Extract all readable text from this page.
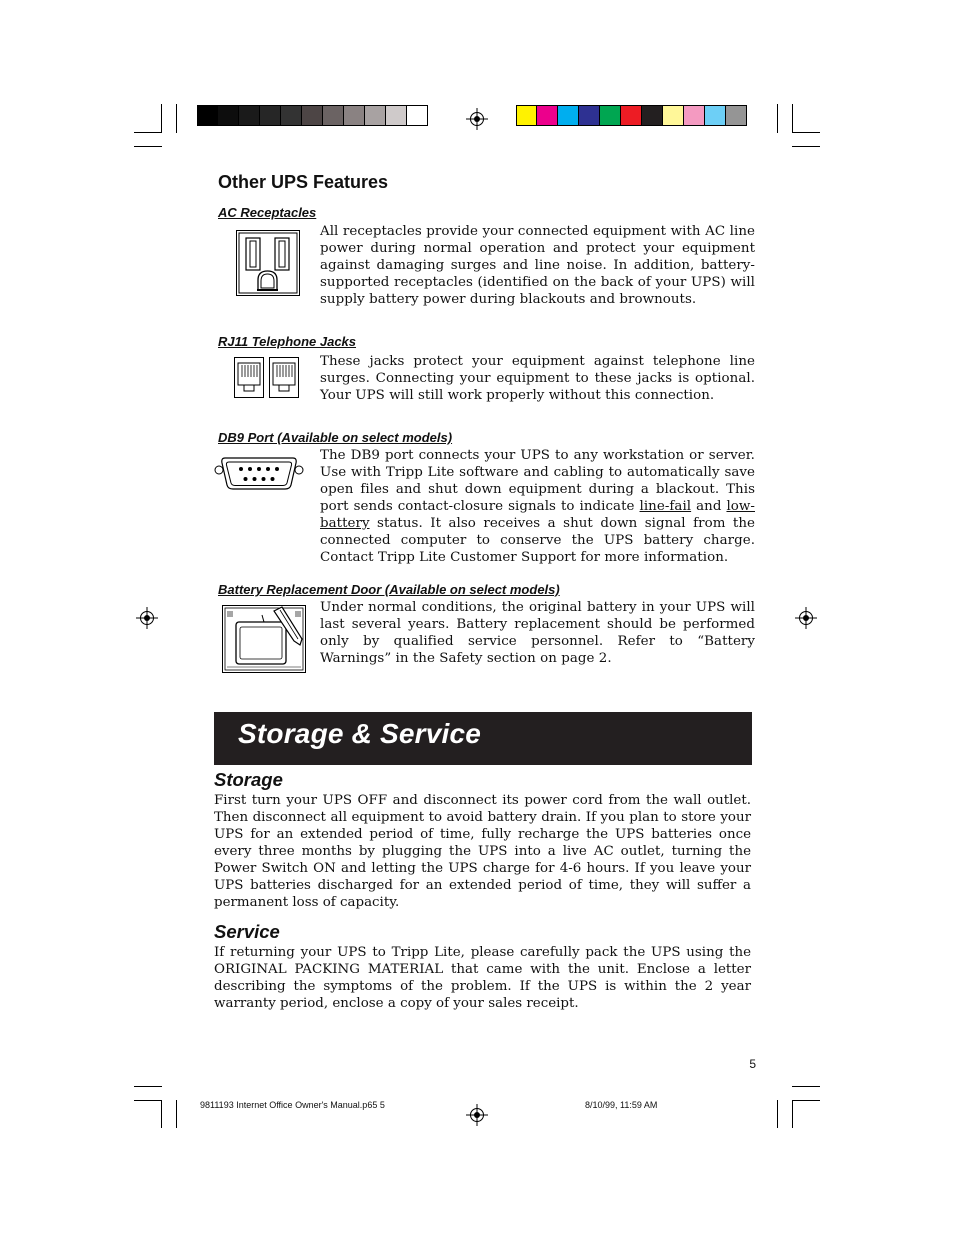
Other UPS Features

AC Receptacles

All receptacles provide your connected equipment with AC line power during normal operation and protect your equipment against damaging surges and line noise. In addition, battery-supported receptacles (identified on the back of your UPS) will supply battery power during blackouts and brownouts.

RJ11 Telephone Jacks

These jacks protect your equipment against telephone line surges. Connecting your equipment to these jacks is optional. Your UPS will still work properly without this connection.

DB9 Port (Available on select models)

The DB9 port connects your UPS to any workstation or server. Use with Tripp Lite software and cabling to automatically save open files and shut down equipment during a blackout. This port sends contact-closure signals to indicate line-fail and low-battery status. It also receives a shut down signal from the connected computer to conserve the UPS battery charge. Contact Tripp Lite Customer Support for more information.

Battery Replacement Door (Available on select models)

Under normal conditions, the original battery in your UPS will last several years. Battery replacement should be performed only by qualified service personnel. Refer to “Battery Warnings” in the Safety section on page 2.

Storage & Service
Storage

First turn your UPS OFF and disconnect its power cord from the wall outlet. Then disconnect all equipment to avoid battery drain. If you plan to store your UPS for an extended period of time, fully recharge the UPS batteries once every three months by plugging the UPS into a live AC outlet, turning the Power Switch ON and letting the UPS charge for 4-6 hours. If you leave your UPS batteries discharged for an extended period of time, they will suffer a permanent loss of capacity.

Service

If returning your UPS to Tripp Lite, please carefully pack the UPS using the ORIGINAL PACKING MATERIAL that came with the unit. Enclose a letter describing the symptoms of the problem. If the UPS is within the 2 year warranty period, enclose a copy of your sales receipt.

5
9811193 Internet Office Owner's Manual.p65 5	8/10/99, 11:59 AM
